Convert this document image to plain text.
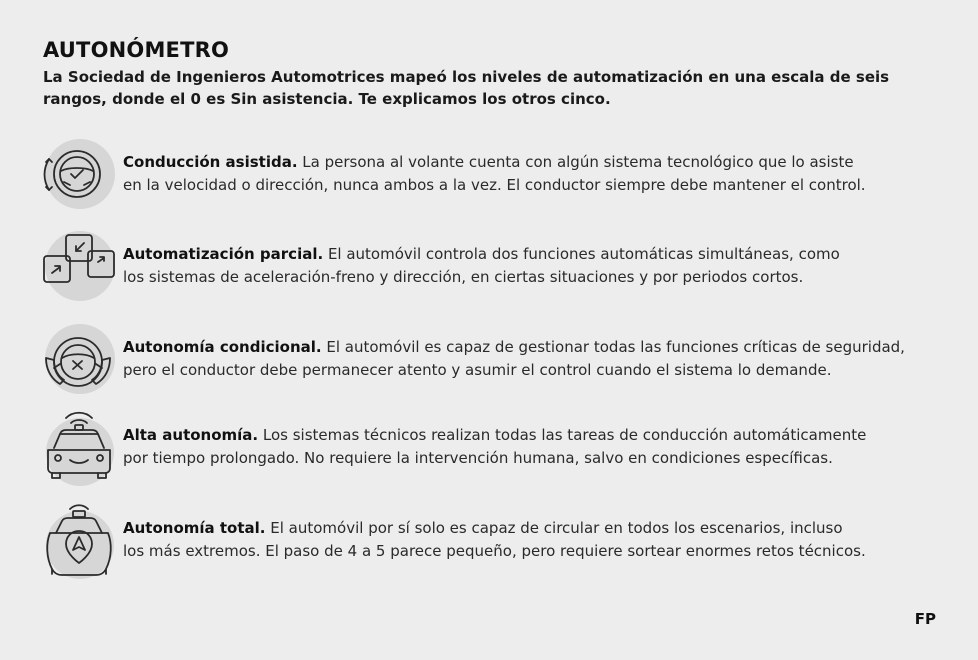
AUTONÓMETRO
La Sociedad de Ingenieros Automotrices mapeó los niveles de automatización en una escala de seis rangos, donde el 0 es Sin asistencia. Te explicamos los otros cinco.
Conducción asistida. La persona al volante cuenta con algún sistema tecnológico que lo asiste
en la velocidad o dirección, nunca ambos a la vez. El conductor siempre debe mantener el control.
Automatización parcial. El automóvil controla dos funciones automáticas simultáneas, como
los sistemas de aceleración-freno y dirección, en ciertas situaciones y por periodos cortos.
Autonomía condicional. El automóvil es capaz de gestionar todas las funciones críticas de seguridad,
pero el conductor debe permanecer atento y asumir el control cuando el sistema lo demande.
Alta autonomía. Los sistemas técnicos realizan todas las tareas de conducción automáticamente
por tiempo prolongado. No requiere la intervención humana, salvo en condiciones específicas.
Autonomía total. El automóvil por sí solo es capaz de circular en todos los escenarios, incluso
los más extremos. El paso de 4 a 5 parece pequeño, pero requiere sortear enormes retos técnicos.
FP
